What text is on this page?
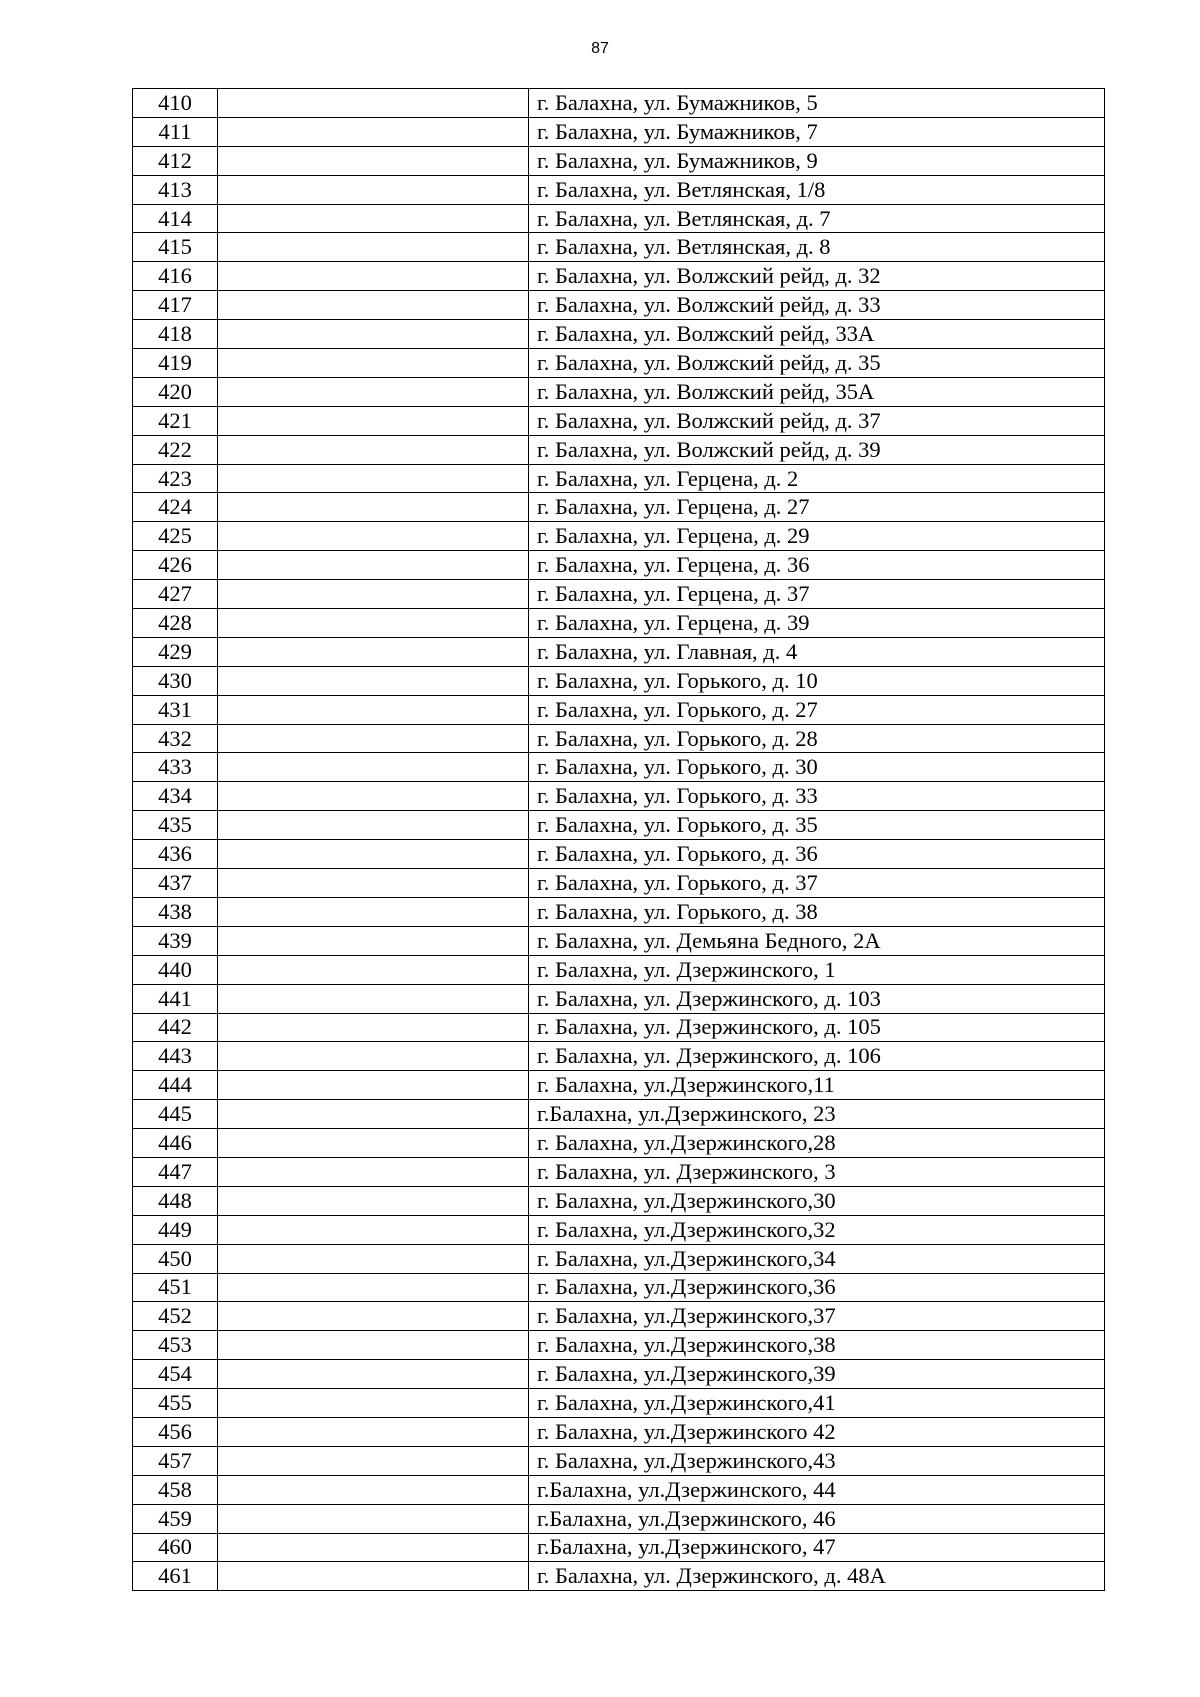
87
410		г. Балахна, ул. Бумажников, 5
411		г. Балахна, ул. Бумажников, 7
412		г. Балахна, ул. Бумажников, 9
413		г. Балахна, ул. Ветлянская, 1/8
414		г. Балахна, ул. Ветлянская, д. 7
415		г. Балахна, ул. Ветлянская, д. 8
416		г. Балахна, ул. Волжский рейд, д. 32
417		г. Балахна, ул. Волжский рейд, д. 33
418		г. Балахна, ул. Волжский рейд, 33А
419		г. Балахна, ул. Волжский рейд, д. 35
420		г. Балахна, ул. Волжский рейд, 35А
421		г. Балахна, ул. Волжский рейд, д. 37
422		г. Балахна, ул. Волжский рейд, д. 39
423		г. Балахна, ул. Герцена, д. 2
424		г. Балахна, ул. Герцена, д. 27
425		г. Балахна, ул. Герцена, д. 29
426		г. Балахна, ул. Герцена, д. 36
427		г. Балахна, ул. Герцена, д. 37
428		г. Балахна, ул. Герцена, д. 39
429		г. Балахна, ул. Главная, д. 4
430		г. Балахна, ул. Горького, д. 10
431		г. Балахна, ул. Горького, д. 27
432		г. Балахна, ул. Горького, д. 28
433		г. Балахна, ул. Горького, д. 30
434		г. Балахна, ул. Горького, д. 33
435		г. Балахна, ул. Горького, д. 35
436		г. Балахна, ул. Горького, д. 36
437		г. Балахна, ул. Горького, д. 37
438		г. Балахна, ул. Горького, д. 38
439		г. Балахна, ул. Демьяна Бедного, 2А
440		г. Балахна, ул. Дзержинского, 1
441		г. Балахна, ул. Дзержинского, д. 103
442		г. Балахна, ул. Дзержинского, д. 105
443		г. Балахна, ул. Дзержинского, д. 106
444		г. Балахна, ул.Дзержинского,11
445		г.Балахна, ул.Дзержинского, 23
446		г. Балахна, ул.Дзержинского,28
447		г. Балахна, ул. Дзержинского, 3
448		г. Балахна, ул.Дзержинского,30
449		г. Балахна, ул.Дзержинского,32
450		г. Балахна, ул.Дзержинского,34
451		г. Балахна, ул.Дзержинского,36
452		г. Балахна, ул.Дзержинского,37
453		г. Балахна, ул.Дзержинского,38
454		г. Балахна, ул.Дзержинского,39
455		г. Балахна, ул.Дзержинского,41
456		г. Балахна, ул.Дзержинского 42
457		г. Балахна, ул.Дзержинского,43
458		г.Балахна, ул.Дзержинского, 44
459		г.Балахна, ул.Дзержинского, 46
460		г.Балахна, ул.Дзержинского, 47
461		г. Балахна, ул. Дзержинского, д. 48А
